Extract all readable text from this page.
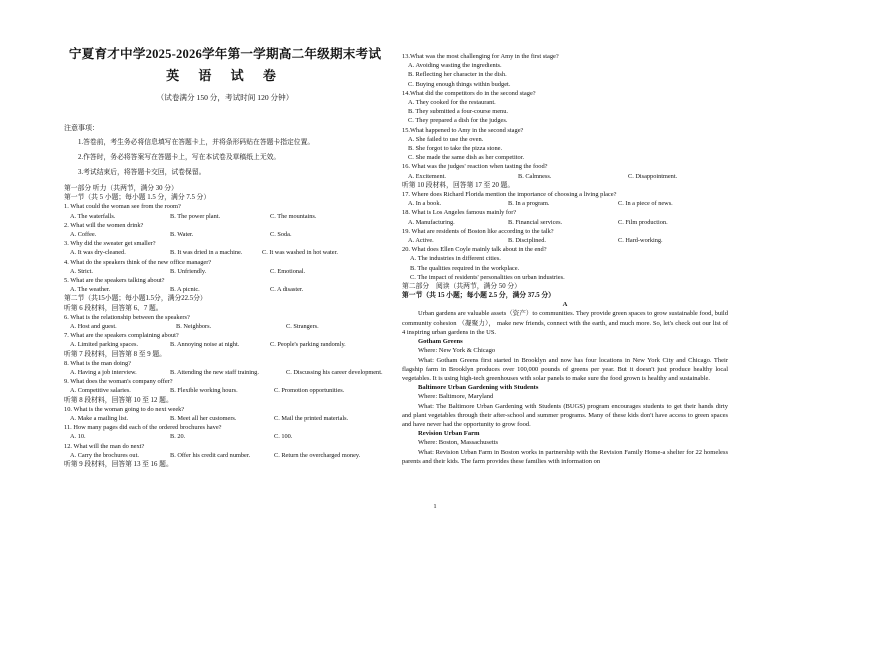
宁夏育才中学2025-2026学年第一学期高二年级期末考试

英 语 试 卷

（试卷满分 150 分，考试时间 120 分钟）

注意事项：

1.答卷前，考生务必将信息填写在答题卡上，并将条形码贴在答题卡指定位置。

2.作答时，务必将答案写在答题卡上，写在本试卷及草稿纸上无效。

3.考试结束后，将答题卡交回，试卷保留。

第一部分 听力（共两节，满分 30 分）

第一节（共 5 小题；每小题 1.5 分，满分 7.5 分）

1. What could the woman see from the room?

A. The waterfalls.	B. The power plant.	C. The mountains.

2. What will the women drink?

A. Coffee.	B. Water.	C. Soda.

3. Why did the sweater get smaller?

A. It was dry-cleaned.	B. It was dried in a machine.	C. It was washed in hot water.

4. What do the speakers think of the new office manager?

A. Strict.	B. Unfriendly.	C. Emotional.

5. What are the speakers talking about?

A. The weather.	B. A picnic.	C. A disaster.

第二节（共15小题；每小题1.5分，满分22.5分）

听第 6 段材料，回答第 6、7 题。

6. What is the relationship between the speakers?

A. Host and guest.	B. Neighbors.	C. Strangers.

7. What are the speakers complaining about?

A. Limited parking spaces.	B. Annoying noise at night.	C. People's parking randomly.

听第 7 段材料，回答第 8 至 9 题。

8. What is the man doing?

A. Having a job interview.	B. Attending the new staff training.	C. Discussing his career development.

9. What does the woman's company offer?

A. Competitive salaries.	B. Flexible working hours.	C. Promotion opportunities.

听第 8 段材料，回答第 10 至 12 题。

10. What is the woman going to do next week?

A. Make a mailing list.	B. Meet all her customers.	C. Mail the printed materials.

11. How many pages did each of the ordered brochures have?

A. 10.	B. 20.	C. 100.

12. What will the man do next?

A. Carry the brochures out.	B. Offer his credit card number.	C. Return the overcharged money.

听第 9 段材料，回答第 13 至 16 题。

13.What was the most challenging for Amy in the first stage?

A. Avoiding wasting the ingredients.

B. Reflecting her character in the dish.

C. Buying enough things within budget.

14.What did the competitors do in the second stage?

A. They cooked for the restaurant.

B. They submitted a four-course menu.

C. They prepared a dish for the judges.

15.What happened to Amy in the second stage?

A. She failed to use the oven.

B. She forgot to take the pizza stone.

C. She made the same dish as her competitor.

16. What was the judges' reaction when tasting the food?

A. Excitement.	B. Calmness.	C. Disappointment.

听第 10 段材料，回答第 17 至 20 题。

17. Where does Richard Florida mention the importance of choosing a living place?

A. In a book.	B. In a program.	C. In a piece of news.

18. What is Los Angeles famous mainly for?

A. Manufacturing.	B. Financial services.	C. Film production.

19. What are residents of Boston like according to the talk?

A. Active.	B. Disciplined.	C. Hard-working.

20. What does Ellen Coyle mainly talk about in the end?

A. The industries in different cities.

B. The qualities required in the workplace.

C. The impact of residents' personalities on urban industries.

第二部分　阅读（共两节，满分 50 分）

第一节（共 15 小题；每小题 2.5 分，满分 37.5 分）

A

Urban gardens are valuable assets（资产）to communities. They provide green spaces to grow sustainable food, build community cohesion （凝聚力）， make new friends, connect with the earth, and much more. So, let's check out our list of 4 inspiring urban gardens in the US.

Gotham Greens

Where: New York & Chicago

What: Gotham Greens first started in Brooklyn and now has four locations in New York City and Chicago. Their flagship farm in Brooklyn produces over 100,000 pounds of greens per year. But it doesn't just produce healthy local vegetables. It is using high-tech greenhouses with solar panels to make sure the food grown is healthy and sustainable.

Baltimore Urban Gardening with Students

Where: Baltimore, Maryland

What: The Baltimore Urban Gardening with Students (BUGS) program encourages students to get their hands dirty and plant vegetables through their after-school and summer programs. Many of these kids don't have access to green spaces and have never had the opportunity to grow food.

Revision Urban Farm

Where: Boston, Massachusetts

What: Revision Urban Farm in Boston works in partnership with the Revision Family Home-a shelter for 22 homeless parents and their kids. The farm provides these families with information on

1
